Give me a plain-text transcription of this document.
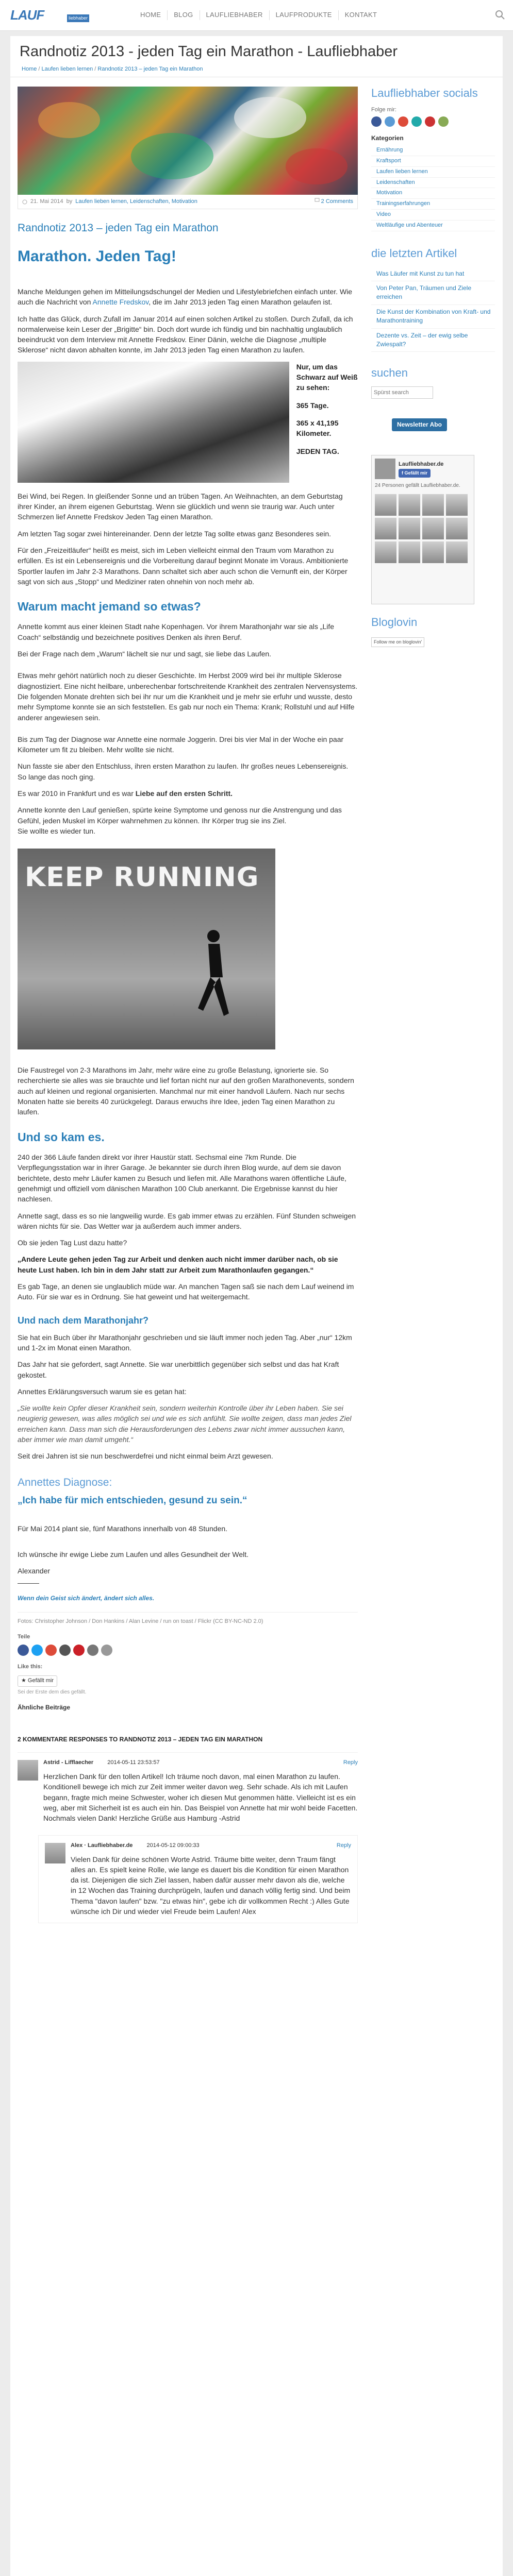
LAUF	liebhaber	HOME	BLOG	LAUFLIEBHABER	LAUFPRODUKTE	KONTAKT
Randnotiz 2013 - jeden Tag ein Marathon - Laufliebhaber
Home / Laufen lieben lernen / Randnotiz 2013 – jeden Tag ein Marathon
21. Mai 2014 by Laufen lieben lernen, Leidenschaften, Motivation	2 Comments
Randnotiz 2013 – jeden Tag ein Marathon
Marathon. Jeden Tag!

Manche Meldungen gehen im Mitteilungsdschungel der Medien und Lifestylebriefchen einfach unter. Wie auch die Nachricht von Annette Fredskov, die im Jahr 2013 jeden Tag einen Marathon gelaufen ist.

Ich hatte das Glück, durch Zufall im Januar 2014 auf einen solchen Artikel zu stoßen. Durch Zufall, da ich normalerweise kein Leser der „Brigitte“ bin. Doch dort wurde ich fündig und bin nachhaltig unglaublich beeindruckt von dem Interview mit Annette Fredskov. Einer Dänin, welche die Diagnose „multiple Sklerose“ nicht davon abhalten konnte, im Jahr 2013 jeden Tag einen Marathon zu laufen.

Nur, um das Schwarz auf Weiß zu sehen:
365 Tage.
365 x 41,195 Kilometer.
JEDEN TAG.

Bei Wind, bei Regen. In gleißender Sonne und an trüben Tagen. An Weihnachten, an dem Geburtstag ihrer Kinder, an ihrem eigenen Geburtstag. Wenn sie glücklich und wenn sie traurig war. Auch unter Schmerzen lief Annette Fredskov Jeden Tag einen Marathon.

Am letzten Tag sogar zwei hintereinander. Denn der letzte Tag sollte etwas ganz Besonderes sein.

Für den „Freizeitläufer“ heißt es meist, sich im Leben vielleicht einmal den Traum vom Marathon zu erfüllen. Es ist ein Lebensereignis und die Vorbereitung darauf beginnt Monate im Voraus. Ambitionierte Sportler laufen im Jahr 2-3 Marathons. Dann schaltet sich aber auch schon die Vernunft ein, der Körper sagt von sich aus „Stopp“ und Mediziner raten ohnehin von noch mehr ab.

Warum macht jemand so etwas?

Annette kommt aus einer kleinen Stadt nahe Kopenhagen. Vor ihrem Marathonjahr war sie als „Life Coach“ selbständig und bezeichnete positives Denken als ihren Beruf.

Bei der Frage nach dem „Warum“ lächelt sie nur und sagt, sie liebe das Laufen.

Etwas mehr gehört natürlich noch zu dieser Geschichte. Im Herbst 2009 wird bei ihr multiple Sklerose diagnostiziert. Eine nicht heilbare, unberechenbar fortschreitende Krankheit des zentralen Nervensystems. Die folgenden Monate drehten sich bei ihr nur um die Krankheit und je mehr sie erfuhr und wusste, desto mehr Symptome konnte sie an sich feststellen. Es gab nur noch ein Thema: Krank; Rollstuhl und auf Hilfe anderer angewiesen sein.

Bis zum Tag der Diagnose war Annette eine normale Joggerin. Drei bis vier Mal in der Woche ein paar Kilometer um fit zu bleiben. Mehr wollte sie nicht.

Nun fasste sie aber den Entschluss, ihren ersten Marathon zu laufen. Ihr großes neues Lebensereignis. So lange das noch ging.

Es war 2010 in Frankfurt und es war Liebe auf den ersten Schritt.

Annette konnte den Lauf genießen, spürte keine Symptome und genoss nur die Anstrengung und das Gefühl, jeden Muskel im Körper wahrnehmen zu können. Ihr Körper trug sie ins Ziel.

Sie wollte es wieder tun.

KEEP RUNNING

Die Faustregel von 2-3 Marathons im Jahr, mehr wäre eine zu große Belastung, ignorierte sie. So recherchierte sie alles was sie brauchte und lief fortan nicht nur auf den großen Marathonevents, sondern auch auf kleinen und regional organisierten. Manchmal nur mit einer handvoll Läufern. Nach nur sechs Monaten hatte sie bereits 40 zurückgelegt. Daraus erwuchs ihre Idee, jeden Tag einen Marathon zu laufen.

Und so kam es.

240 der 366 Läufe fanden direkt vor ihrer Haustür statt. Sechsmal eine 7km Runde. Die Verpflegungsstation war in ihrer Garage. Je bekannter sie durch ihren Blog wurde, auf dem sie davon berichtete, desto mehr Läufer kamen zu Besuch und liefen mit. Alle Marathons waren öffentliche Läufe, genehmigt und offiziell vom dänischen Marathon 100 Club anerkannt. Die Ergebnisse kannst du hier nachlesen.

Annette sagt, dass es so nie langweilig wurde. Es gab immer etwas zu erzählen. Fünf Stunden schweigen wären nichts für sie. Das Wetter war ja außerdem auch immer anders.

Ob sie jeden Tag Lust dazu hatte?

„Andere Leute gehen jeden Tag zur Arbeit und denken auch nicht immer darüber nach, ob sie heute Lust haben. Ich bin in dem Jahr statt zur Arbeit zum Marathonlaufen gegangen.“

Es gab Tage, an denen sie unglaublich müde war. An manchen Tagen saß sie nach dem Lauf weinend im Auto. Für sie war es in Ordnung. Sie hat geweint und hat weitergemacht.

Und nach dem Marathonjahr?

Sie hat ein Buch über ihr Marathonjahr geschrieben und sie läuft immer noch jeden Tag. Aber „nur“ 12km und 1-2x im Monat einen Marathon.

Das Jahr hat sie gefordert, sagt Annette. Sie war unerbittlich gegenüber sich selbst und das hat Kraft gekostet.

Annettes Erklärungsversuch warum sie es getan hat:

„Sie wollte kein Opfer dieser Krankheit sein, sondern weiterhin Kontrolle über ihr Leben haben. Sie sei neugierig gewesen, was alles möglich sei und wie es sich anfühlt. Sie wollte zeigen, dass man jedes Ziel erreichen kann. Dass man sich die Herausforderungen des Lebens zwar nicht immer aussuchen kann, aber immer wie man damit umgeht.“

Seit drei Jahren ist sie nun beschwerdefrei und nicht einmal beim Arzt gewesen.

Annettes Diagnose:
„Ich habe für mich entschieden, gesund zu sein.“

Für Mai 2014 plant sie, fünf Marathons innerhalb von 48 Stunden.

Ich wünsche ihr ewige Liebe zum Laufen und alles Gesundheit der Welt.

Alexander

———

Wenn dein Geist sich ändert, ändert sich alles.
Fotos: Christopher Johnson / Don Hankins / Alan Levine / run on toast / Flickr (CC BY-NC-ND 2.0)
Teile
Like this:
★ Gefällt mir
Sei der Erste dem dies gefällt.
Ähnliche Beiträge
2 KOMMENTARE RESPONSES TO RANDNOTIZ 2013 – JEDEN TAG EIN MARATHON
Astrid - Lifflaecher 2014-05-11 23:53:57	Reply
Herzlichen Dank für den tollen Artikel! Ich träume noch davon, mal einen Marathon zu laufen. Konditionell bewege ich mich zur Zeit immer weiter davon weg. Sehr schade. Als ich mit Laufen begann, fragte mich meine Schwester, woher ich diesen Mut genommen hätte. Vielleicht ist es ein weg, aber mit Sicherheit ist es auch ein hin. Das Beispiel von Annette hat mir wohl beide Facetten. Nochmals vielen Dank! Herzliche Grüße aus Hamburg -Astrid
Alex · Laufliebhaber.de 2014-05-12 09:00:33	Reply
Vielen Dank für deine schönen Worte Astrid. Träume bitte weiter, denn Traum fängt alles an. Es spielt keine Rolle, wie lange es dauert bis die Kondition für einen Marathon da ist. Diejenigen die sich Ziel lassen, haben dafür ausser mehr davon als die, welche in 12 Wochen das Training durchprügeln, laufen und danach völlig fertig sind. Und beim Thema "davon laufen" bzw. "zu etwas hin", gebe ich dir vollkommen Recht :) Alles Gute wünsche ich Dir und wieder viel Freude beim Laufen! Alex
Laufliebhaber socials
Folge mir:
Kategorien
Ernährung
Kraftsport
Laufen lieben lernen
Leidenschaften
Motivation
Trainingserfahrungen
Video
Weltläufige und Abenteuer
die letzten Artikel
Was Läufer mit Kunst zu tun hat
Von Peter Pan, Träumen und Ziele erreichen
Die Kunst der Kombination von Kraft- und Marathontraining
Dezente vs. Zeit – der ewig selbe Zwiespalt?
suchen
Spürst search
Newsletter Abo
Laufliebhaber.de
f Gefällt mir
24 Personen gefällt Laufliebhaber.de.
Bloglovin
Follow me on bloglovin'
